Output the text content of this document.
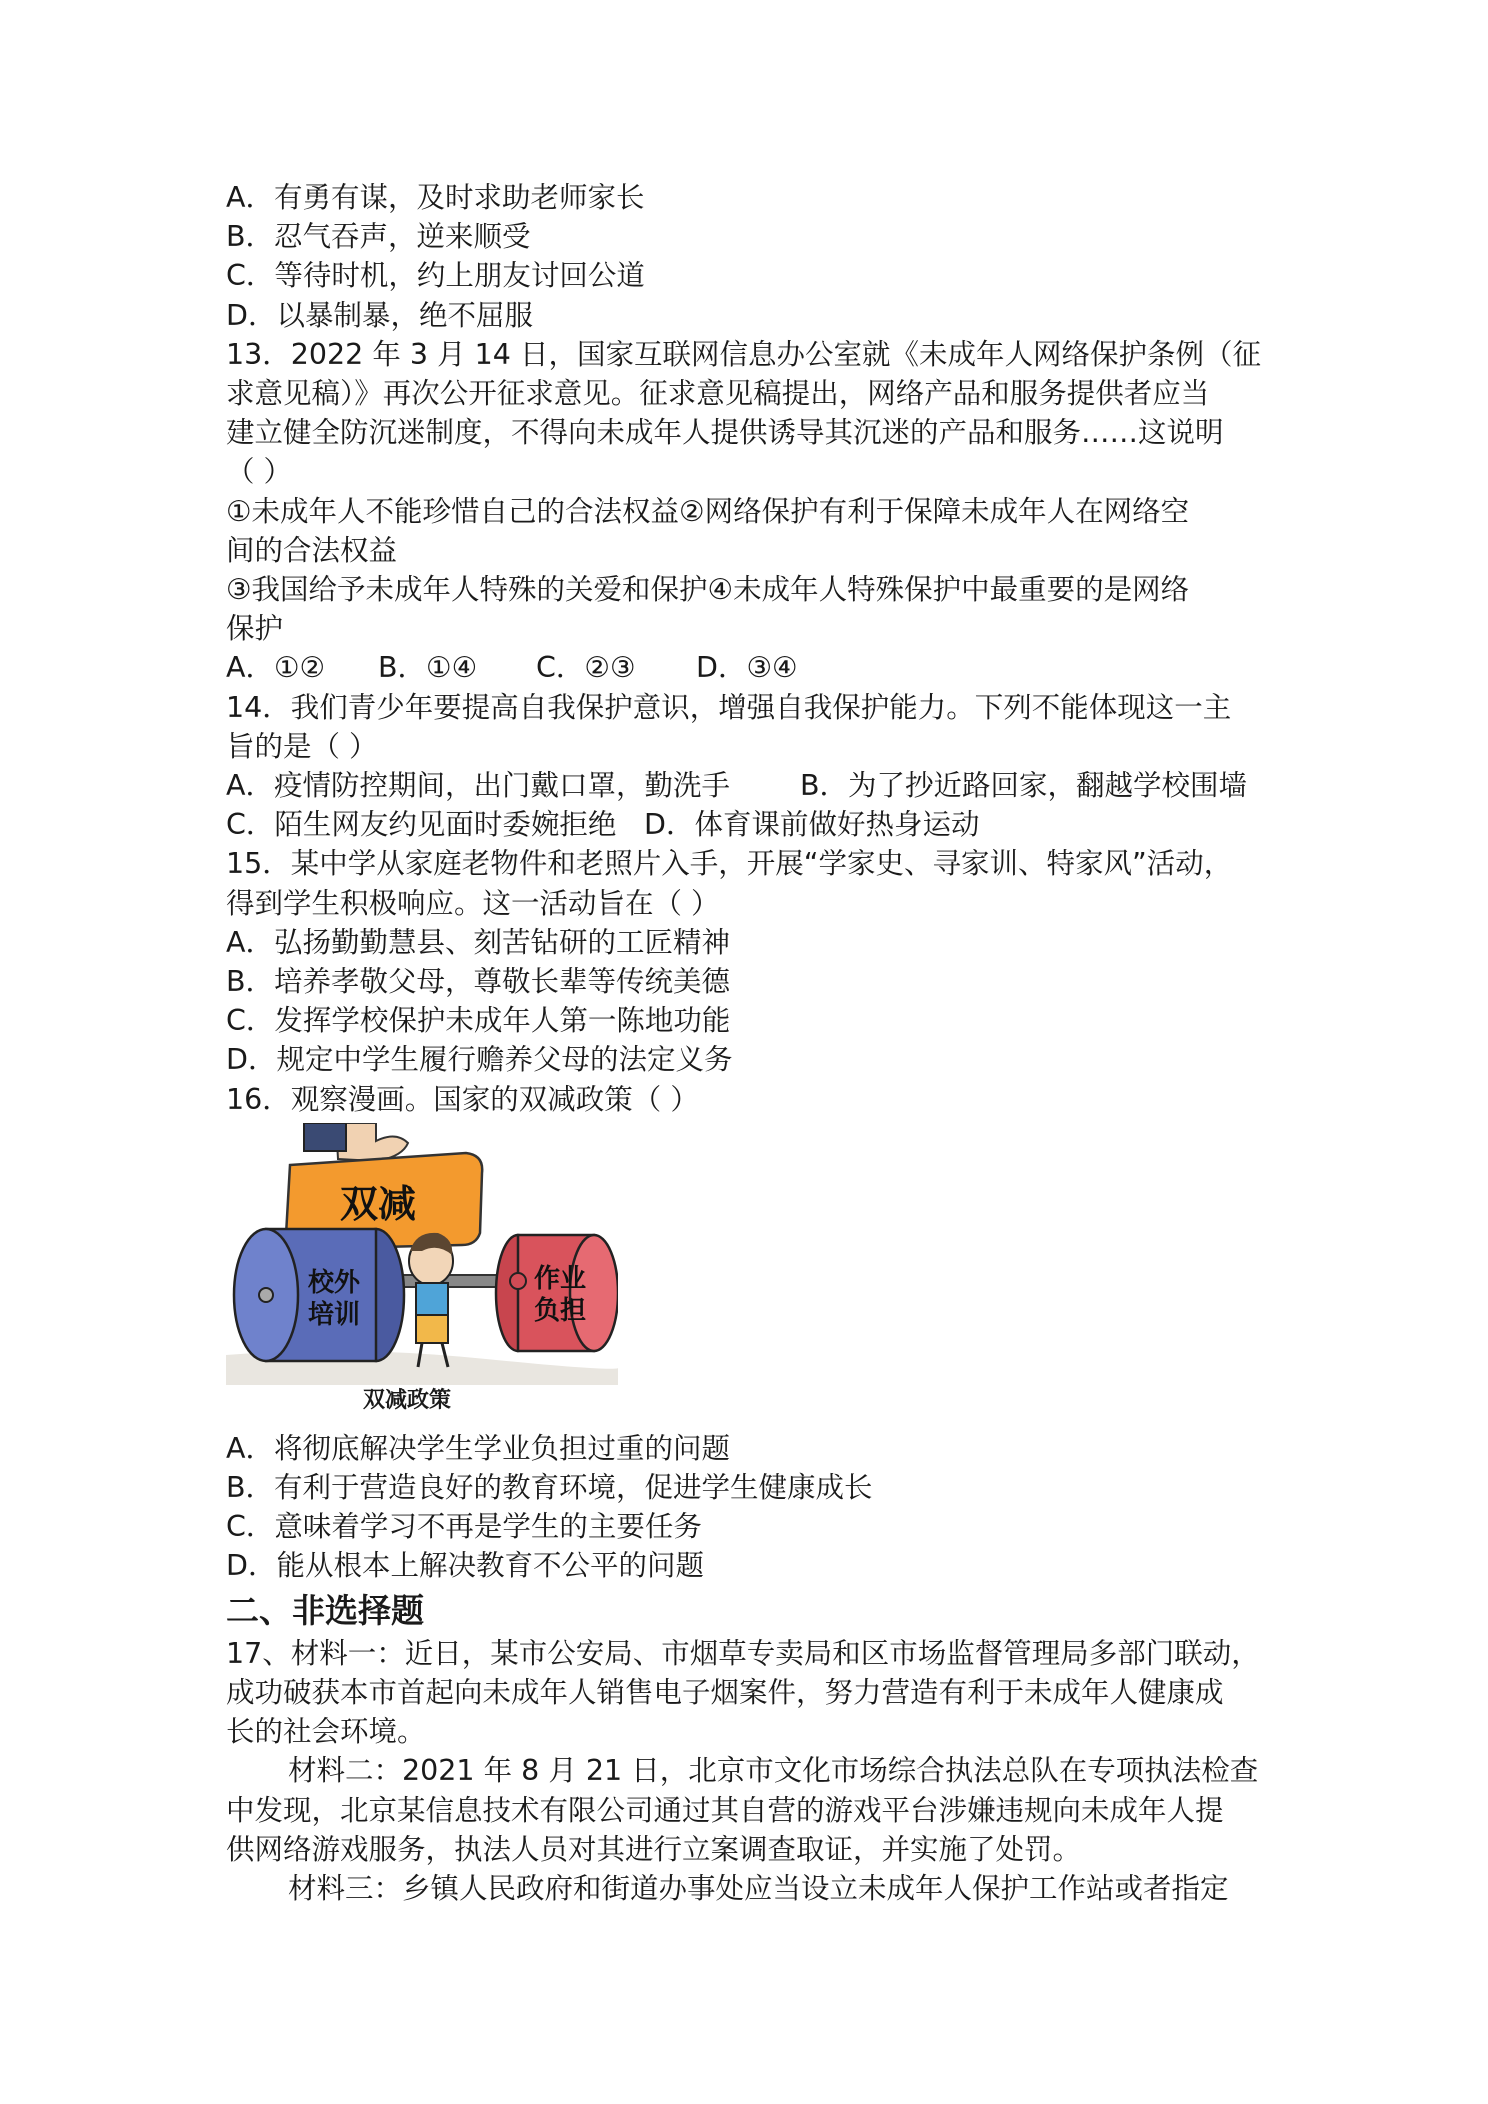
A．有勇有谋，及时求助老师家长
B．忍气吞声，逆来顺受
C．等待时机，约上朋友讨回公道
D．以暴制暴，绝不屈服
13．2022 年 3 月 14 日，国家互联网信息办公室就《未成年人网络保护条例（征
求意见稿）》再次公开征求意见。征求意见稿提出，网络产品和服务提供者应当
建立健全防沉迷制度，不得向未成年人提供诱导其沉迷的产品和服务……这说明
（ ）
①未成年人不能珍惜自己的合法权益②网络保护有利于保障未成年人在网络空
间的合法权益
③我国给予未成年人特殊的关爱和保护④未成年人特殊保护中最重要的是网络
保护
A．①② B．①④ C．②③ D．③④
14．我们青少年要提高自我保护意识，增强自我保护能力。下列不能体现这一主
旨的是（ ）
A．疫情防控期间，出门戴口罩，勤洗手 B．为了抄近路回家，翻越学校围墙
C．陌生网友约见面时委婉拒绝 D．体育课前做好热身运动
15．某中学从家庭老物件和老照片入手，开展“学家史、寻家训、特家风”活动，
得到学生积极响应。这一活动旨在（ ）
A．弘扬勤勤慧县、刻苦钻研的工匠精神
B．培养孝敬父母，尊敬长辈等传统美德
C．发挥学校保护未成年人第一陈地功能
D．规定中学生履行赡养父母的法定义务
16．观察漫画。国家的双减政策（ ）
双减
校外
培训
作业
负担
双减政策
A．将彻底解决学生学业负担过重的问题
B．有利于营造良好的教育环境，促进学生健康成长
C．意味着学习不再是学生的主要任务
D．能从根本上解决教育不公平的问题
二、非选择题
17、材料一：近日，某市公安局、市烟草专卖局和区市场监督管理局多部门联动，
成功破获本市首起向未成年人销售电子烟案件，努力营造有利于未成年人健康成
长的社会环境。
材料二：2021 年 8 月 21 日，北京市文化市场综合执法总队在专项执法检查
中发现，北京某信息技术有限公司通过其自营的游戏平台涉嫌违规向未成年人提
供网络游戏服务，执法人员对其进行立案调查取证，并实施了处罚。
材料三：乡镇人民政府和街道办事处应当设立未成年人保护工作站或者指定
